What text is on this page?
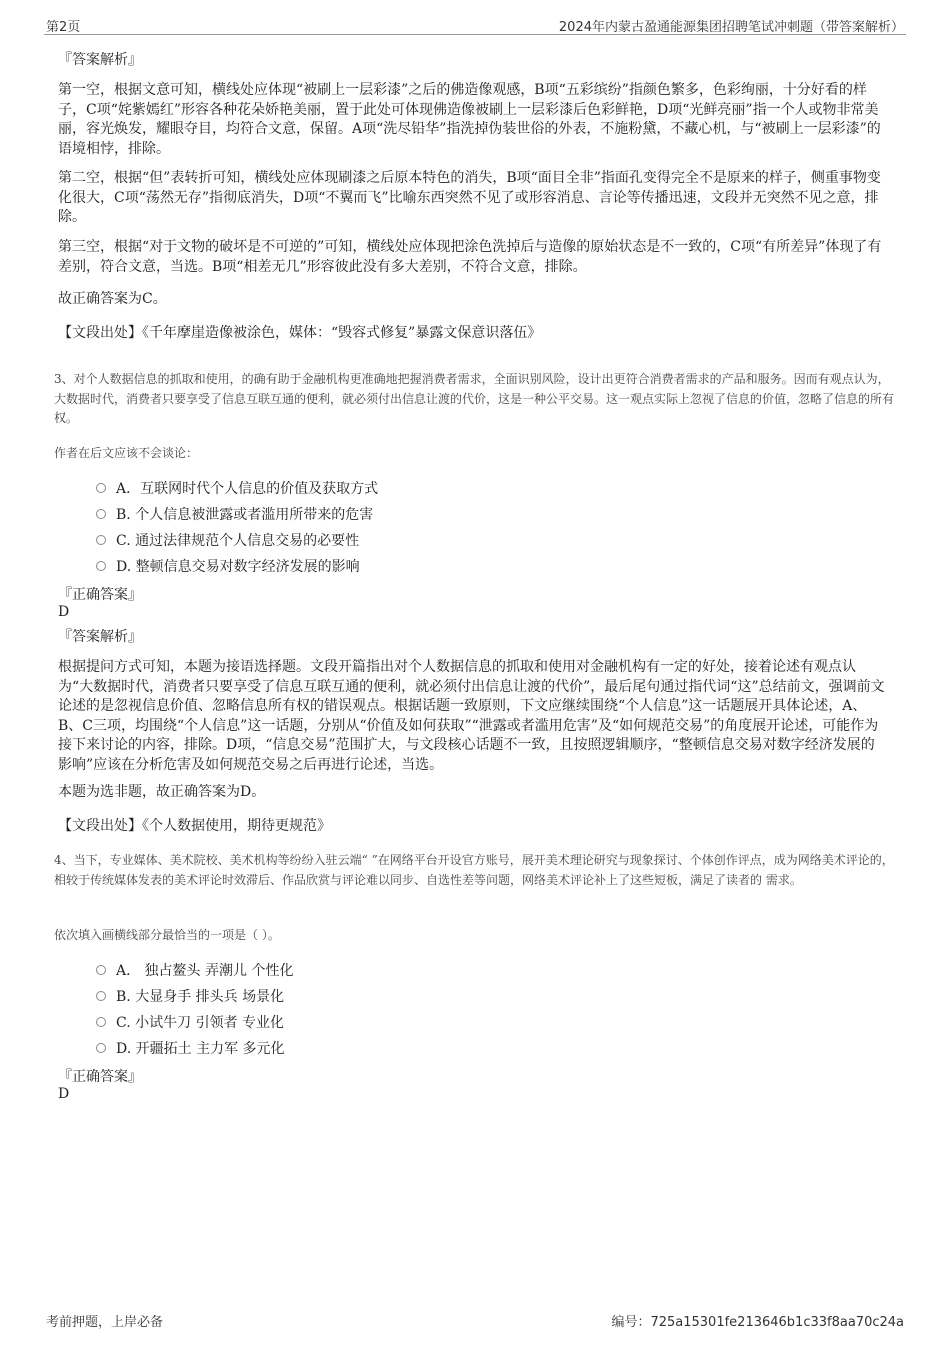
第2页	2024年内蒙古盈通能源集团招聘笔试冲刺题（带答案解析）
『答案解析』
第一空，根据文意可知，横线处应体现“被刷上一层彩漆”之后的佛造像观感，B项“五彩缤纷”指颜色繁多，色彩绚丽，十分好看的样子，C项“姹紫嫣红”形容各种花朵娇艳美丽，置于此处可体现佛造像被刷上一层彩漆后色彩鲜艳，D项“光鲜亮丽”指一个人或物非常美丽，容光焕发，耀眼夺目，均符合文意，保留。A项“洗尽铅华”指洗掉伪装世俗的外表，不施粉黛，不藏心机，与“被刷上一层彩漆”的语境相悖，排除。
第二空，根据“但”表转折可知，横线处应体现刷漆之后原本特色的消失，B项“面目全非”指面孔变得完全不是原来的样子，侧重事物变化很大，C项“荡然无存”指彻底消失，D项“不翼而飞”比喻东西突然不见了或形容消息、言论等传播迅速，文段并无突然不见之意，排除。
第三空，根据“对于文物的破坏是不可逆的”可知，横线处应体现把涂色洗掉后与造像的原始状态是不一致的，C项“有所差异”体现了有差别，符合文意，当选。B项“相差无几”形容彼此没有多大差别，不符合文意，排除。
故正确答案为C。
【文段出处】《千年摩崖造像被涂色，媒体：“毁容式修复”暴露文保意识落伍》
3、对个人数据信息的抓取和使用，的确有助于金融机构更准确地把握消费者需求，全面识别风险，设计出更符合消费者需求的产品和服务。因而有观点认为，大数据时代，消费者只要享受了信息互联互通的便利，就必须付出信息让渡的代价，这是一种公平交易。这一观点实际上忽视了信息的价值，忽略了信息的所有权。
作者在后文应该不会谈论：
A．互联网时代个人信息的价值及获取方式
B. 个人信息被泄露或者滥用所带来的危害
C. 通过法律规范个人信息交易的必要性
D. 整顿信息交易对数字经济发展的影响
『正确答案』
D
『答案解析』
根据提问方式可知，本题为接语选择题。文段开篇指出对个人数据信息的抓取和使用对金融机构有一定的好处，接着论述有观点认为“大数据时代，消费者只要享受了信息互联互通的便利，就必须付出信息让渡的代价”，最后尾句通过指代词“这”总结前文，强调前文论述的是忽视信息价值、忽略信息所有权的错误观点。根据话题一致原则，下文应继续围绕“个人信息”这一话题展开具体论述，A、B、C三项，均围绕“个人信息”这一话题，分别从“价值及如何获取”“泄露或者滥用危害”及“如何规范交易”的角度展开论述，可能作为接下来讨论的内容，排除。D项，“信息交易”范围扩大，与文段核心话题不一致，且按照逻辑顺序，“整顿信息交易对数字经济发展的影响”应该在分析危害及如何规范交易之后再进行论述，当选。
本题为选非题，故正确答案为D。
【文段出处】《个人数据使用，期待更规范》
4、当下，专业媒体、美术院校、美术机构等纷纷入驻云端“ ”在网络平台开设官方账号，展开美术理论研究与现象探讨、个体创作评点，成为网络美术评论的，相较于传统媒体发表的美术评论时效滞后、作品欣赏与评论难以同步、自选性差等问题，网络美术评论补上了这些短板，满足了读者的 需求。
依次填入画横线部分最恰当的一项是（ ）。
A． 独占鳌头 弄潮儿 个性化
B. 大显身手 排头兵 场景化
C. 小试牛刀 引领者 专业化
D. 开疆拓土 主力军 多元化
『正确答案』
D
考前押题，上岸必备	编号：725a15301fe213646b1c33f8aa70c24a
